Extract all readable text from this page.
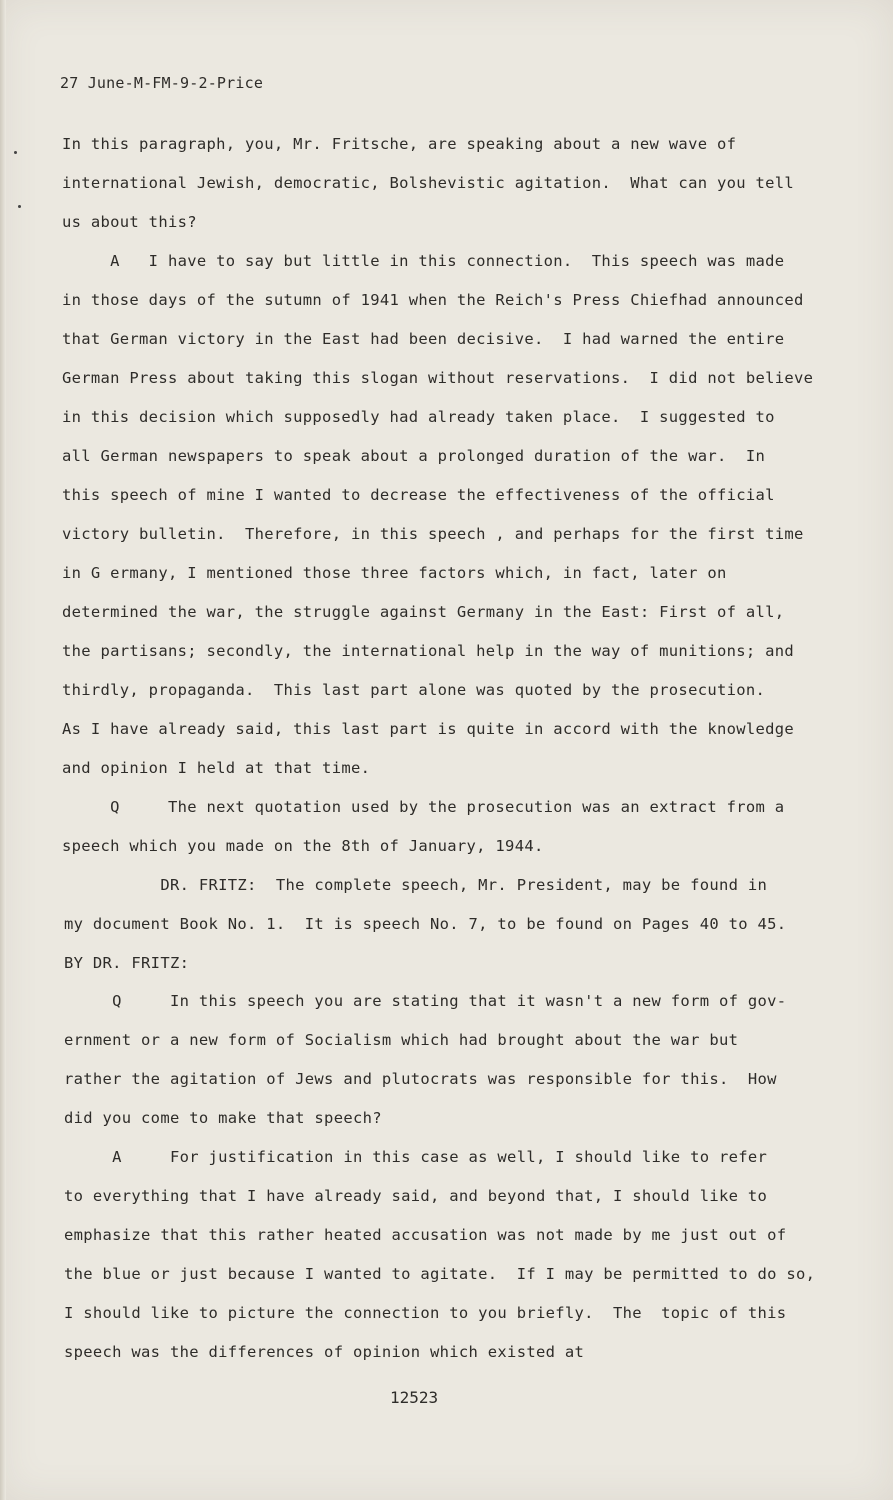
27 June-M-FM-9-2-Price
In this paragraph, you, Mr. Fritsche, are speaking about a new wave of
international Jewish, democratic, Bolshevistic agitation.  What can you tell
us about this?
A   I have to say but little in this connection.  This speech was made
in those days of the sutumn of 1941 when the Reich's Press Chiefhad announced
that German victory in the East had been decisive.  I had warned the entire
German Press about taking this slogan without reservations.  I did not believe
in this decision which supposedly had already taken place.  I suggested to
all German newspapers to speak about a prolonged duration of the war.  In
this speech of mine I wanted to decrease the effectiveness of the official
victory bulletin.  Therefore, in this speech , and perhaps for the first time
in G ermany, I mentioned those three factors which, in fact, later on
determined the war, the struggle against Germany in the East: First of all,
the partisans; secondly, the international help in the way of munitions; and
thirdly, propaganda.  This last part alone was quoted by the prosecution.
As I have already said, this last part is quite in accord with the knowledge
and opinion I held at that time.
Q     The next quotation used by the prosecution was an extract from a
speech which you made on the 8th of January, 1944.
DR. FRITZ:  The complete speech, Mr. President, may be found in
my document Book No. 1.  It is speech No. 7, to be found on Pages 40 to 45.
BY DR. FRITZ:
Q     In this speech you are stating that it wasn't a new form of gov-
ernment or a new form of Socialism which had brought about the war but
rather the agitation of Jews and plutocrats was responsible for this.  How
did you come to make that speech?
A     For justification in this case as well, I should like to refer
to everything that I have already said, and beyond that, I should like to
emphasize that this rather heated accusation was not made by me just out of
the blue or just because I wanted to agitate.  If I may be permitted to do so,
I should like to picture the connection to you briefly.  The  topic of this
speech was the differences of opinion which existed at
12523
